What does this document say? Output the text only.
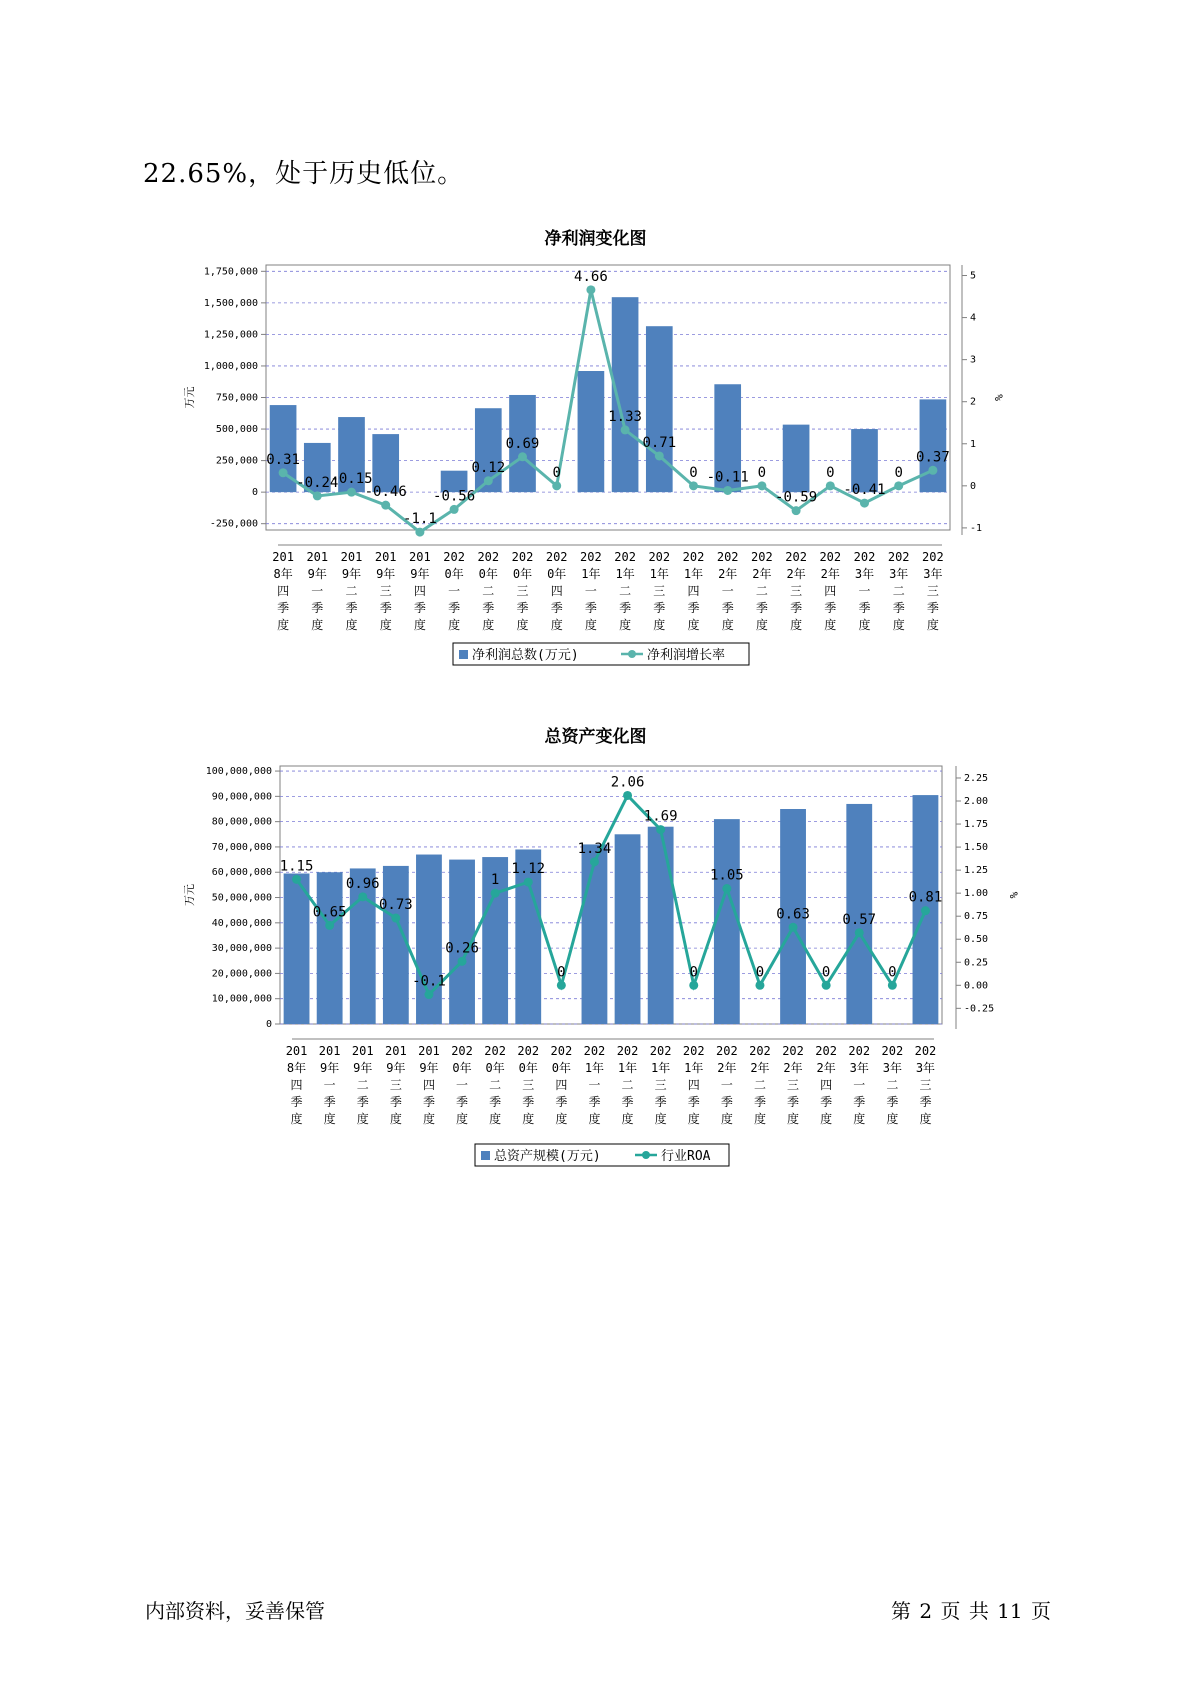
22.65%，处于历史低位。
净利润变化图
-250,000
0
250,000
500,000
750,000
1,000,000
1,250,000
1,500,000
1,750,000
-1
0
1
2
3
4
5
万元	%
0.31
-0.24
-0.15
-0.46
-1.1
-0.56
0.12
0.69
0
4.66
1.33
0.71
0 -0.11 0
-0.59
0
-0.41
0
0.37
201 8年四季度
201 9年一季度
201 9年二季度
201 9年三季度
201 9年四季度
202 0年一季度
202 0年二季度
202 0年三季度
202 0年四季度
202 1年一季度
202 1年二季度
202 1年三季度
202 1年四季度
202 2年一季度
202 2年二季度
202 2年三季度
202 2年四季度
202 3年一季度
202 3年二季度
202 3年三季度
净利润总数(万元)	净利润增长率
总资产变化图
0
10,000,000
20,000,000
30,000,000
40,000,000
50,000,000
60,000,000
70,000,000
80,000,000
90,000,000
100,000,000
-0.25
0.00
0.25
0.50
0.75
1.00
1.25
1.50
1.75
2.00
2.25
万元	%
1.15
0.65
0.96
0.73
-0.1
0.26
1
1.12
0
1.34
2.06
1.69
0
1.05
0
0.63
0
0.57
0
0.81
201 8年四季度
201 9年一季度
201 9年二季度
201 9年三季度
201 9年四季度
202 0年一季度
202 0年二季度
202 0年三季度
202 0年四季度
202 1年一季度
202 1年二季度
202 1年三季度
202 1年四季度
202 2年一季度
202 2年二季度
202 2年三季度
202 2年四季度
202 3年一季度
202 3年二季度
202 3年三季度
总资产规模(万元)	行业ROA
内部资料，妥善保管	第 2 页 共 11 页
